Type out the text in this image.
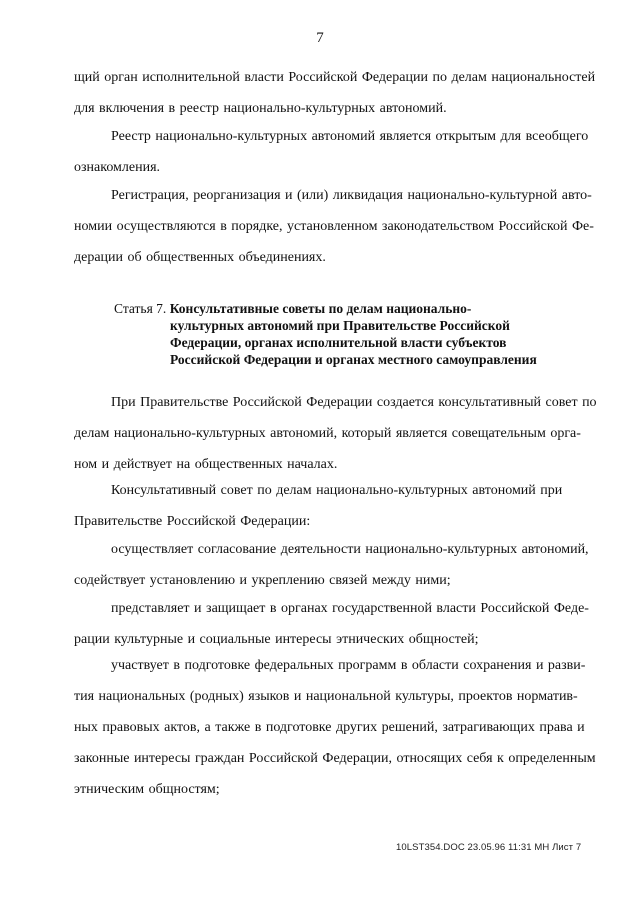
7
щий орган исполнительной власти Российской Федерации по делам национальностей
для включения в реестр национально-культурных автономий.
Реестр национально-культурных автономий является открытым для всеобщего
ознакомления.
Регистрация, реорганизация и (или) ликвидация национально-культурной авто-
номии осуществляются в порядке, установленном законодательством Российской Фе-
дерации об общественных объединениях.
Статья 7. Консультативные советы по делам национально-
культурных автономий при Правительстве Российской
Федерации, органах исполнительной власти субъектов
Российской Федерации и органах местного самоуправления
При Правительстве Российской Федерации создается консультативный совет по
делам национально-культурных автономий, который является совещательным орга-
ном и действует на общественных началах.
Консультативный совет по делам национально-культурных автономий при
Правительстве Российской Федерации:
осуществляет согласование деятельности национально-культурных автономий,
содействует установлению и укреплению связей между ними;
представляет и защищает в органах государственной власти Российской Феде-
рации культурные и социальные интересы этнических общностей;
участвует в подготовке федеральных программ в области сохранения и разви-
тия национальных (родных) языков и национальной культуры, проектов норматив-
ных правовых актов, а также в подготовке других решений, затрагивающих права и
законные интересы граждан Российской Федерации, относящих себя к определенным
этническим общностям;
10LST354.DOC 23.05.96 11:31 МН Лист 7
